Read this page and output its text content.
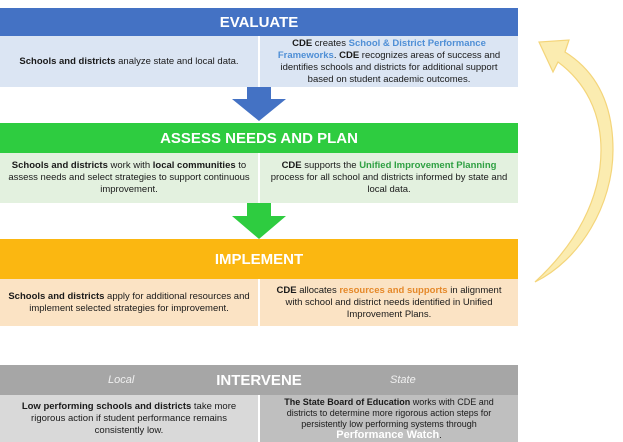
EVALUATE
Schools and districts analyze state and local data.
CDE creates School & District Performance Frameworks. CDE recognizes areas of success and identifies schools and districts for additional support based on student academic outcomes.
ASSESS NEEDS AND PLAN
Schools and districts work with local communities to assess needs and select strategies to support continuous improvement.
CDE supports the Unified Improvement Planning process for all school and districts informed by state and local data.
IMPLEMENT
Schools and districts apply for additional resources and implement selected strategies for improvement.
CDE allocates resources and supports in alignment with school and district needs identified in Unified Improvement Plans.
INTERVENE
Local	State
Low performing schools and districts take more rigorous action if student performance remains consistently low.
The State Board of Education works with CDE and districts to determine more rigorous action steps for persistently low performing systems through Performance Watch.
